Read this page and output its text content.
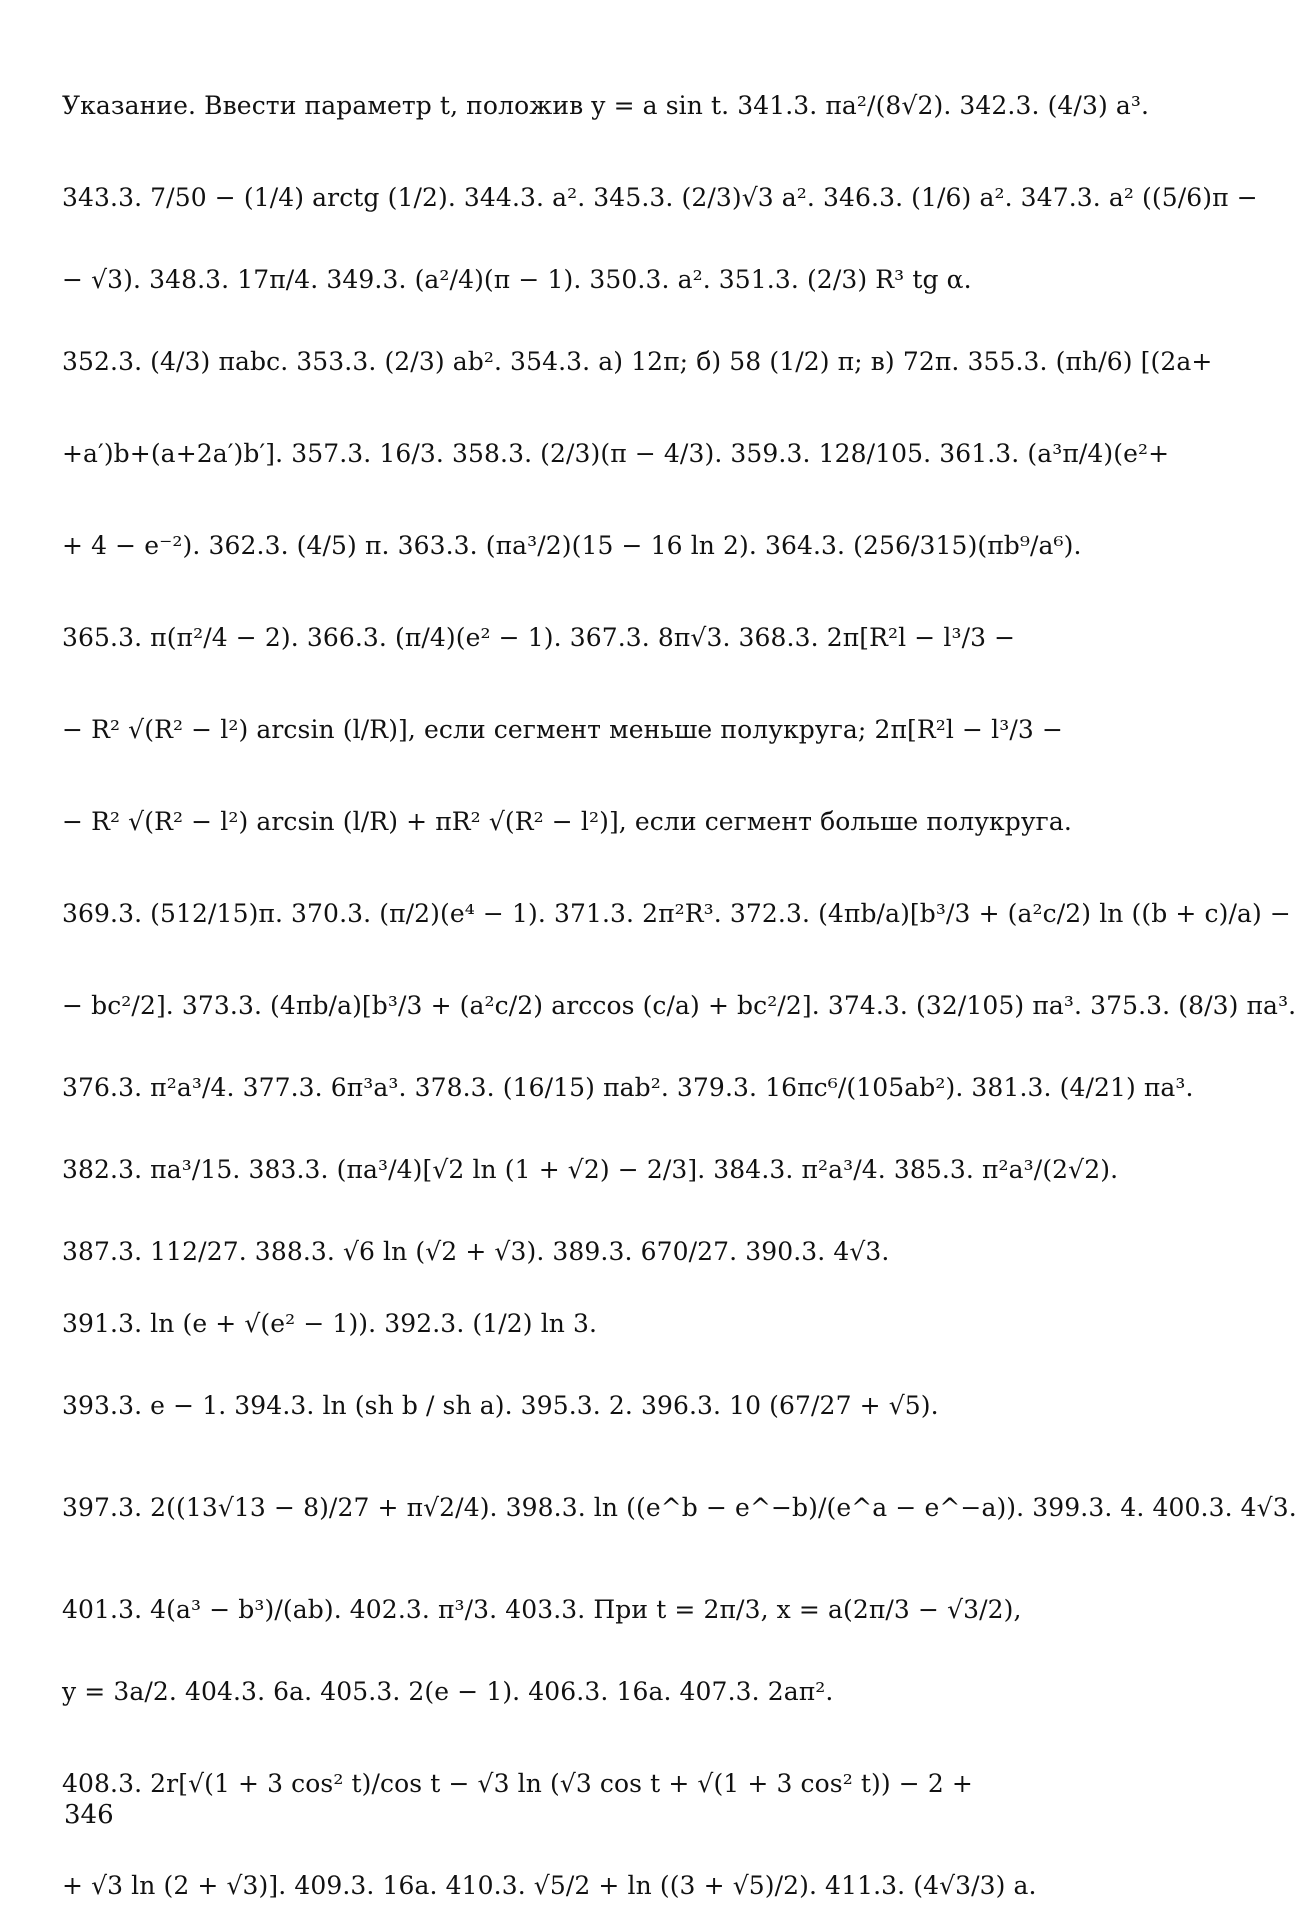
Указание. Ввести параметр t, положив y = a sin t. 341.3. πa²/(8√2). 342.3. (4/3) a³.
343.3. 7/50 − (1/4) arctg (1/2). 344.3. a². 345.3. (2/3)√3 a². 346.3. (1/6) a². 347.3. a² ((5/6)π −
− √3). 348.3. 17π/4. 349.3. (a²/4)(π − 1). 350.3. a². 351.3. (2/3) R³ tg α.
352.3. (4/3) πabc. 353.3. (2/3) ab². 354.3. а) 12π; б) 58 (1/2) π; в) 72π. 355.3. (πh/6) [(2a+
+a′)b+(a+2a′)b′]. 357.3. 16/3. 358.3. (2/3)(π − 4/3). 359.3. 128/105. 361.3. (a³π/4)(e²+
+ 4 − e⁻²). 362.3. (4/5) π. 363.3. (πa³/2)(15 − 16 ln 2). 364.3. (256/315)(πb⁹/a⁶).
365.3. π(π²/4 − 2). 366.3. (π/4)(e² − 1). 367.3. 8π√3. 368.3. 2π[R²l − l³/3 −
− R² √(R² − l²) arcsin (l/R)], если сегмент меньше полукруга; 2π[R²l − l³/3 −
− R² √(R² − l²) arcsin (l/R) + πR² √(R² − l²)], если сегмент больше полукруга.
369.3. (512/15)π. 370.3. (π/2)(e⁴ − 1). 371.3. 2π²R³. 372.3. (4πb/a)[b³/3 + (a²c/2) ln ((b + c)/a) −
− bc²/2]. 373.3. (4πb/a)[b³/3 + (a²c/2) arccos (c/a) + bc²/2]. 374.3. (32/105) πa³. 375.3. (8/3) πa³.
376.3. π²a³/4. 377.3. 6π³a³. 378.3. (16/15) πab². 379.3. 16πc⁶/(105ab²). 381.3. (4/21) πa³.
382.3. πa³/15. 383.3. (πa³/4)[√2 ln (1 + √2) − 2/3]. 384.3. π²a³/4. 385.3. π²a³/(2√2).
387.3. 112/27. 388.3. √6 ln (√2 + √3). 389.3. 670/27. 390.3. 4√3.
391.3. ln (e + √(e² − 1)). 392.3. (1/2) ln 3.
393.3. e − 1. 394.3. ln (sh b / sh a). 395.3. 2. 396.3. 10 (67/27 + √5).
397.3. 2((13√13 − 8)/27 + π√2/4). 398.3. ln ((e^b − e^−b)/(e^a − e^−a)). 399.3. 4. 400.3. 4√3.
401.3. 4(a³ − b³)/(ab). 402.3. π³/3. 403.3. При t = 2π/3, x = a(2π/3 − √3/2),
y = 3a/2. 404.3. 6a. 405.3. 2(e − 1). 406.3. 16a. 407.3. 2aπ².
408.3. 2r[√(1 + 3 cos² t)/cos t − √3 ln (√3 cos t + √(1 + 3 cos² t)) − 2 +
+ √3 ln (2 + √3)]. 409.3. 16a. 410.3. √5/2 + ln ((3 + √5)/2). 411.3. (4√3/3) a.
346
